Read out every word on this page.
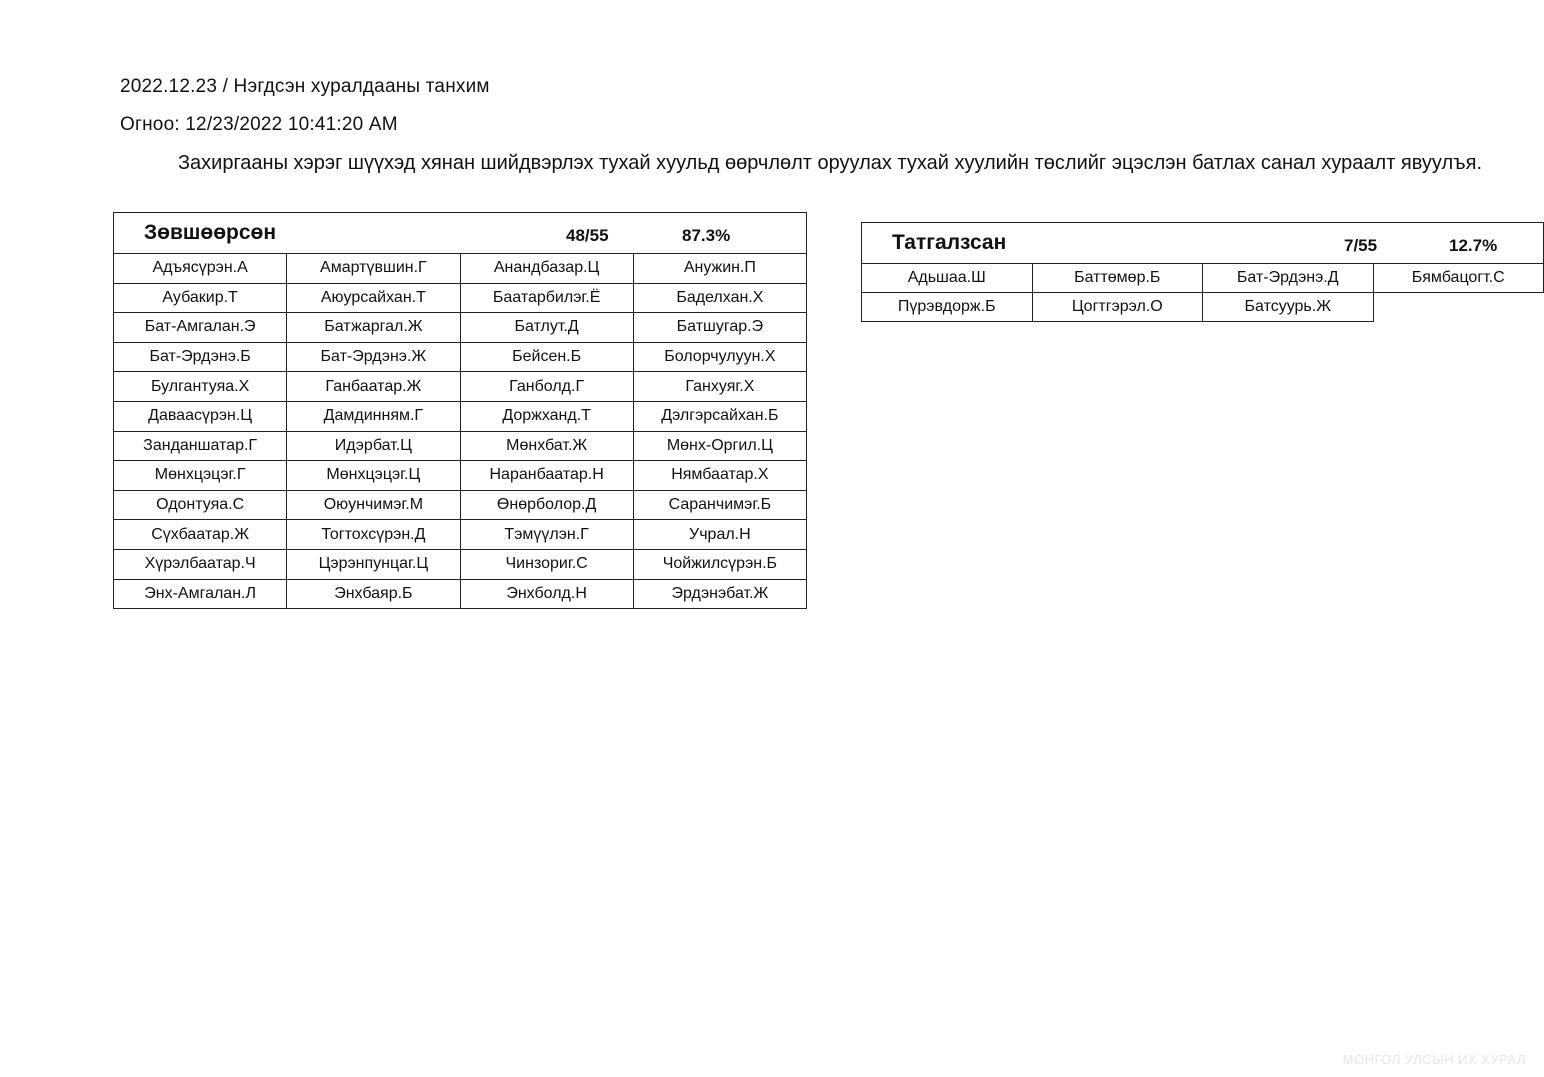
2022.12.23 / Нэгдсэн хуралдааны танхим
Огноо: 12/23/2022 10:41:20 AM
Захиргааны хэрэг шүүхэд хянан шийдвэрлэх тухай хуульд өөрчлөлт оруулах тухай хуулийн төслийг эцэслэн батлах санал хураалт явуулъя.
Зөвшөөрсөн 48/55 87.3%			

Адъясүрэн.А	Амартүвшин.Г	Анандбазар.Ц	Анужин.П
Аубакир.Т	Аюурсайхан.Т	Баатарбилэг.Ё	Баделхан.Х
Бат-Амгалан.Э	Батжаргал.Ж	Батлут.Д	Батшугар.Э
Бат-Эрдэнэ.Б	Бат-Эрдэнэ.Ж	Бейсен.Б	Болорчулуун.Х
Булгантуяа.Х	Ганбаатар.Ж	Ганболд.Г	Ганхуяг.Х
Даваасүрэн.Ц	Дамдинням.Г	Доржханд.Т	Дэлгэрсайхан.Б
Занданшатар.Г	Идэрбат.Ц	Мөнхбат.Ж	Мөнх-Оргил.Ц
Мөнхцэцэг.Г	Мөнхцэцэг.Ц	Наранбаатар.Н	Нямбаатар.Х
Одонтуяа.С	Оюунчимэг.М	Өнөрболор.Д	Саранчимэг.Б
Сүхбаатар.Ж	Тогтохсүрэн.Д	Тэмүүлэн.Г	Учрал.Н
Хүрэлбаатар.Ч	Цэрэнпунцаг.Ц	Чинзориг.С	Чойжилсүрэн.Б
Энх-Амгалан.Л	Энхбаяр.Б	Энхболд.Н	Эрдэнэбат.Ж
Татгалзсан 7/55 12.7%			

Адьшаа.Ш	Баттөмөр.Б	Бат-Эрдэнэ.Д	Бямбацогт.С
Пүрэвдорж.Б	Цогтгэрэл.О	Батсуурь.Ж	
МОНГОЛ УЛСЫН ИХ ХУРАЛ
